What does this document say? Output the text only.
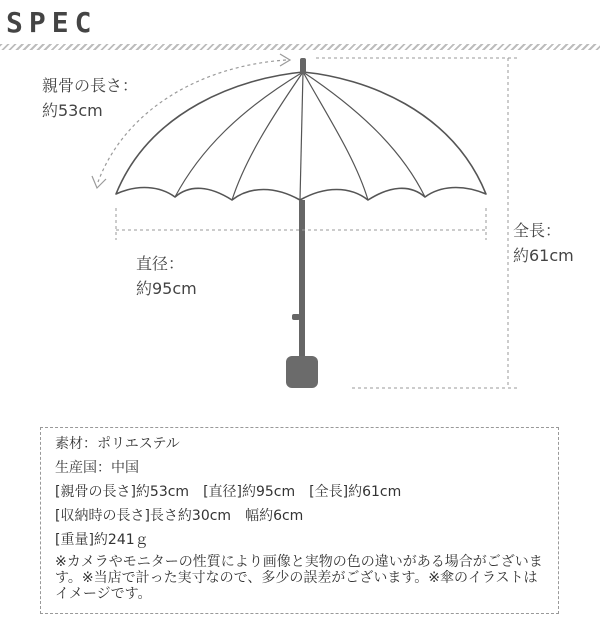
SPEC
親骨の長さ：
約53cm
直径：
約95cm
全長：
約61cm

素材：ポリエステル

生産国：中国

[親骨の長さ]約53cm　[直径]約95cm　[全長]約61cm

[収納時の長さ]長さ約30cm　幅約6cm

[重量]約241ｇ

※カメラやモニターの性質により画像と実物の色の違いがある場合がございます。※当店で計った実寸なので、多少の誤差がございます。※傘のイラストはイメージです。
